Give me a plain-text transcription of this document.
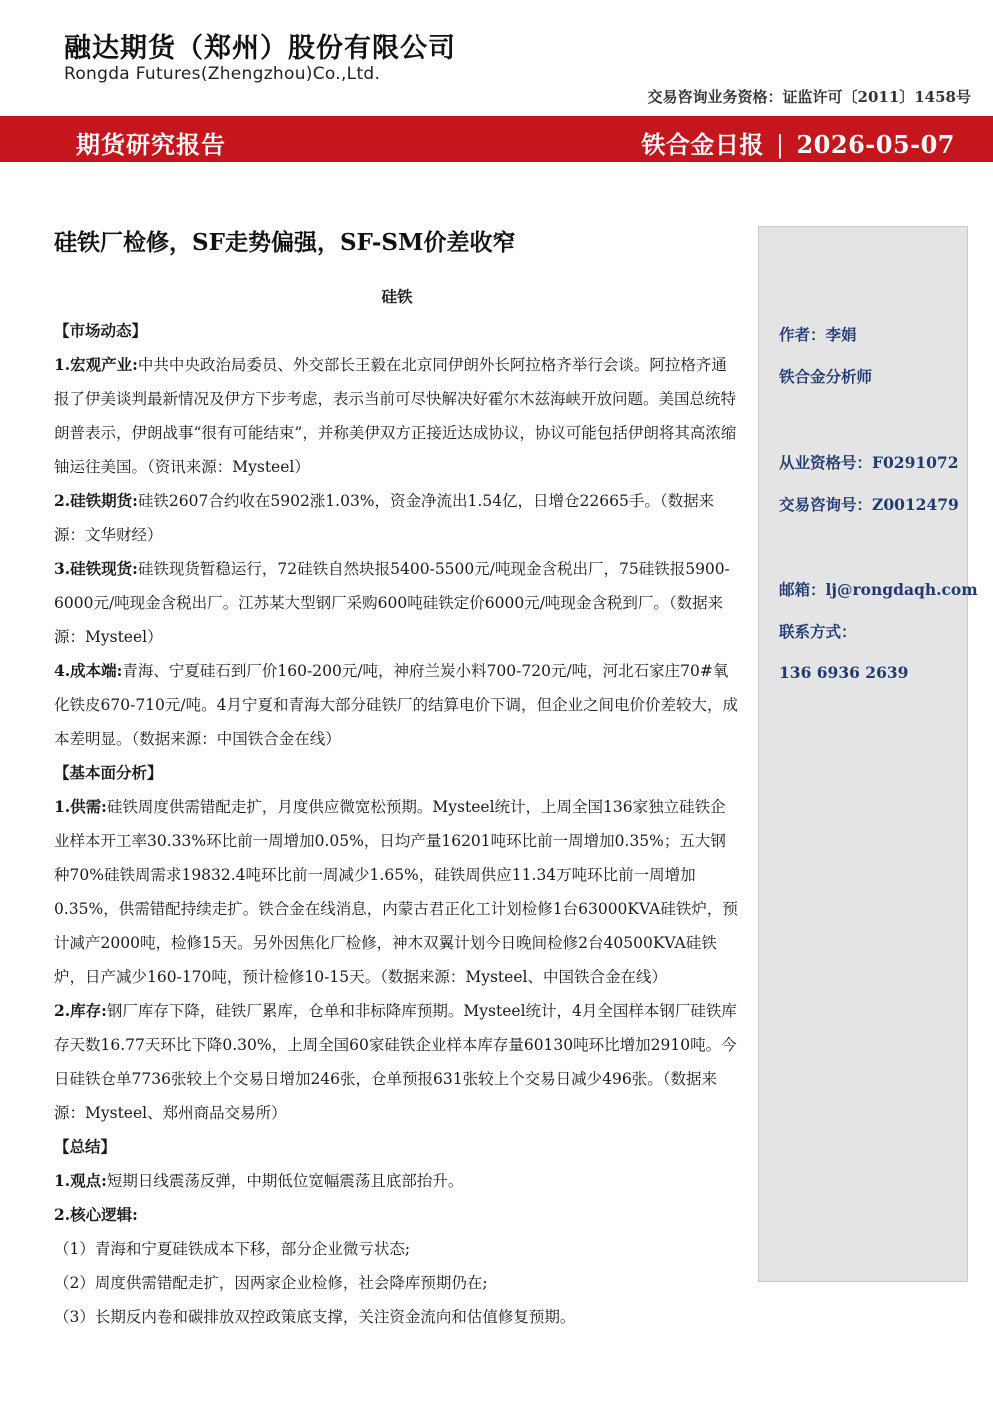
融达期货（郑州）股份有限公司
Rongda Futures(Zhengzhou)Co.,Ltd.
交易咨询业务资格：证监许可〔2011〕1458号
期货研究报告	铁合金日报 | 2026-05-07
硅铁厂检修，SF走势偏强，SF-SM价差收窄

硅铁

【市场动态】

1.宏观产业:中共中央政治局委员、外交部长王毅在北京同伊朗外长阿拉格齐举行会谈。阿拉格齐通报了伊美谈判最新情况及伊方下步考虑，表示当前可尽快解决好霍尔木兹海峡开放问题。美国总统特朗普表示，伊朗战事“很有可能结束”，并称美伊双方正接近达成协议，协议可能包括伊朗将其高浓缩铀运往美国。（资讯来源：Mysteel）

2.硅铁期货:硅铁2607合约收在5902涨1.03%，资金净流出1.54亿，日增仓22665手。（数据来源：文华财经）

3.硅铁现货:硅铁现货暂稳运行，72硅铁自然块报5400-5500元/吨现金含税出厂，75硅铁报5900-6000元/吨现金含税出厂。江苏某大型钢厂采购600吨硅铁定价6000元/吨现金含税到厂。（数据来源：Mysteel）

4.成本端:青海、宁夏硅石到厂价160-200元/吨，神府兰炭小料700-720元/吨，河北石家庄70#氧化铁皮670-710元/吨。4月宁夏和青海大部分硅铁厂的结算电价下调，但企业之间电价价差较大，成本差明显。（数据来源：中国铁合金在线）

【基本面分析】

1.供需:硅铁周度供需错配走扩，月度供应微宽松预期。Mysteel统计，上周全国136家独立硅铁企业样本开工率30.33%环比前一周增加0.05%，日均产量16201吨环比前一周增加0.35%；五大钢种70%硅铁周需求19832.4吨环比前一周减少1.65%，硅铁周供应11.34万吨环比前一周增加0.35%，供需错配持续走扩。铁合金在线消息，内蒙古君正化工计划检修1台63000KVA硅铁炉，预计减产2000吨，检修15天。另外因焦化厂检修，神木双翼计划今日晚间检修2台40500KVA硅铁炉，日产减少160-170吨，预计检修10-15天。（数据来源：Mysteel、中国铁合金在线）

2.库存:钢厂库存下降，硅铁厂累库，仓单和非标降库预期。Mysteel统计，4月全国样本钢厂硅铁库存天数16.77天环比下降0.30%，上周全国60家硅铁企业样本库存量60130吨环比增加2910吨。今日硅铁仓单7736张较上个交易日增加246张，仓单预报631张较上个交易日减少496张。（数据来源：Mysteel、郑州商品交易所）

【总结】

1.观点:短期日线震荡反弹，中期低位宽幅震荡且底部抬升。

2.核心逻辑:

（1）青海和宁夏硅铁成本下移，部分企业微亏状态;

（2）周度供需错配走扩，因两家企业检修，社会降库预期仍在;

（3）长期反内卷和碳排放双控政策底支撑，关注资金流向和估值修复预期。

作者：李娟
铁合金分析师
从业资格号：F0291072
交易咨询号：Z0012479
邮箱：lj@rongdaqh.com
联系方式：
136 6936 2639
